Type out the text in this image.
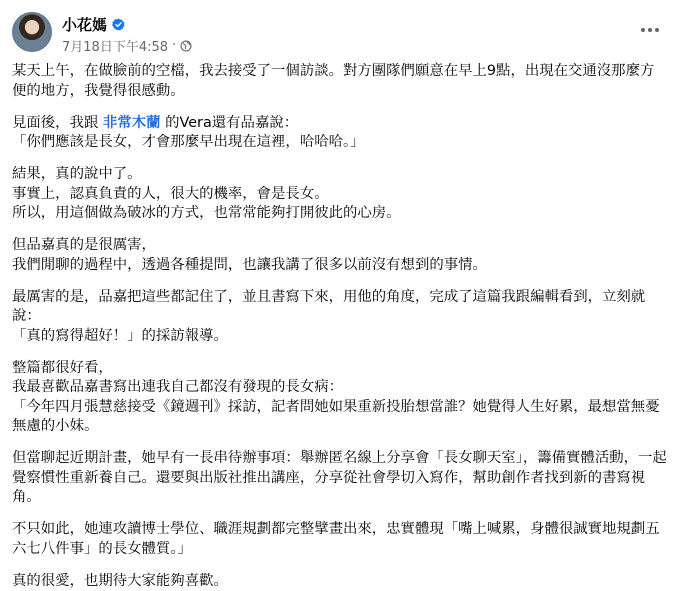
小花媽
7月18日下午4:58 ·

某天上午，在做臉前的空檔，我去接受了一個訪談。對方團隊們願意在早上9點，出現在交通沒那麼方便的地方，我覺得很感動。

見面後，我跟 非常木蘭 的Vera還有品嘉說：
「你們應該是長女，才會那麼早出現在這裡，哈哈哈。」

結果，真的說中了。
事實上，認真負責的人，很大的機率，會是長女。
所以，用這個做為破冰的方式，也常常能夠打開彼此的心房。

但品嘉真的是很厲害，
我們閒聊的過程中，透過各種提問，也讓我講了很多以前沒有想到的事情。

最厲害的是，品嘉把這些都記住了，並且書寫下來，用他的角度，完成了這篇我跟編輯看到，立刻就說：
「真的寫得超好！」的採訪報導。

整篇都很好看，
我最喜歡品嘉書寫出連我自己都沒有發現的長女病：
「今年四月張慧慈接受《鏡週刊》採訪，記者問她如果重新投胎想當誰？她覺得人生好累，最想當無憂無慮的小妹。

但當聊起近期計畫，她早有一長串待辦事項：舉辦匿名線上分享會「長女聊天室」，籌備實體活動，一起覺察慣性重新養自己。還要與出版社推出講座，分享從社會學切入寫作，幫助創作者找到新的書寫視角。

不只如此，她連攻讀博士學位、職涯規劃都完整擘畫出來，忠實體現「嘴上喊累，身體很誠實地規劃五六七八件事」的長女體質。」

真的很愛，也期待大家能夠喜歡。
